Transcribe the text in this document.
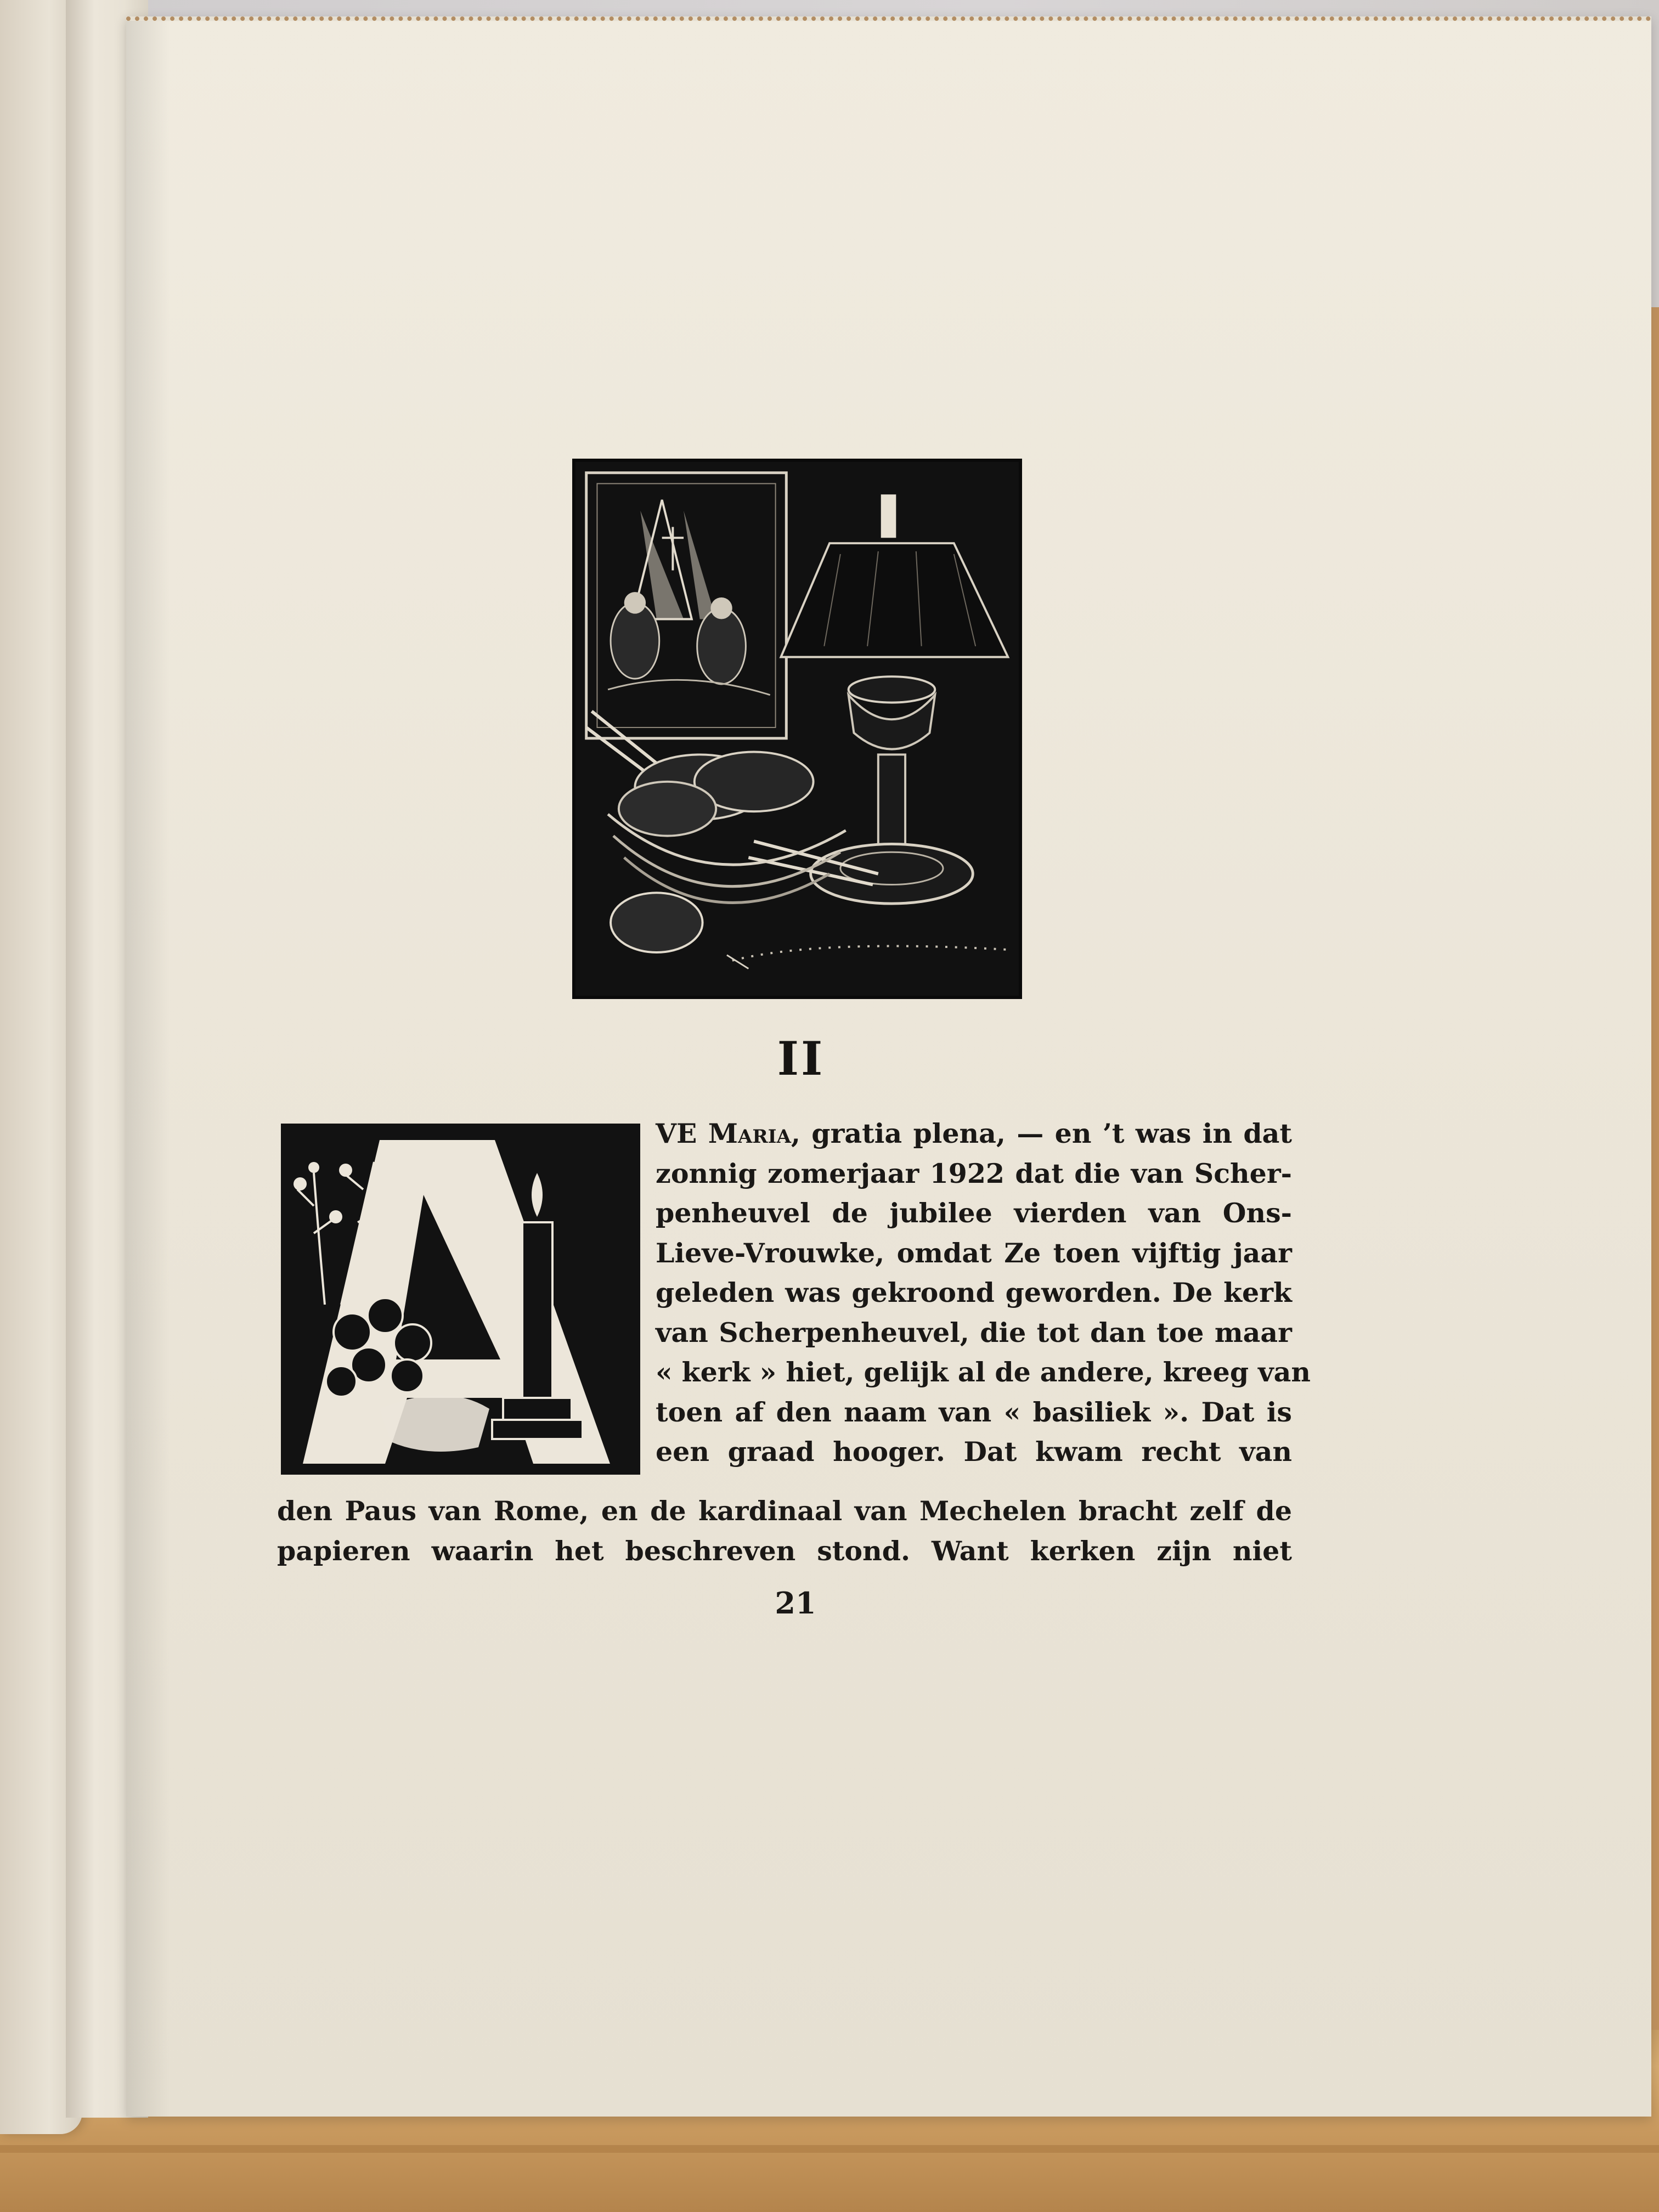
II
VE Maria, gratia plena, — en ’t was in dat
zonnig zomerjaar 1922 dat die van Scher-
penheuvel de jubilee vierden van Ons-
Lieve-Vrouwke, omdat Ze toen vijftig jaar
geleden was gekroond geworden. De kerk
van Scherpenheuvel, die tot dan toe maar
« kerk » hiet, gelijk al de andere, kreeg van
toen af den naam van « basiliek ». Dat is
een graad hooger. Dat kwam recht van
den Paus van Rome, en de kardinaal van Mechelen bracht zelf de
papieren waarin het beschreven stond. Want kerken zijn niet
21
